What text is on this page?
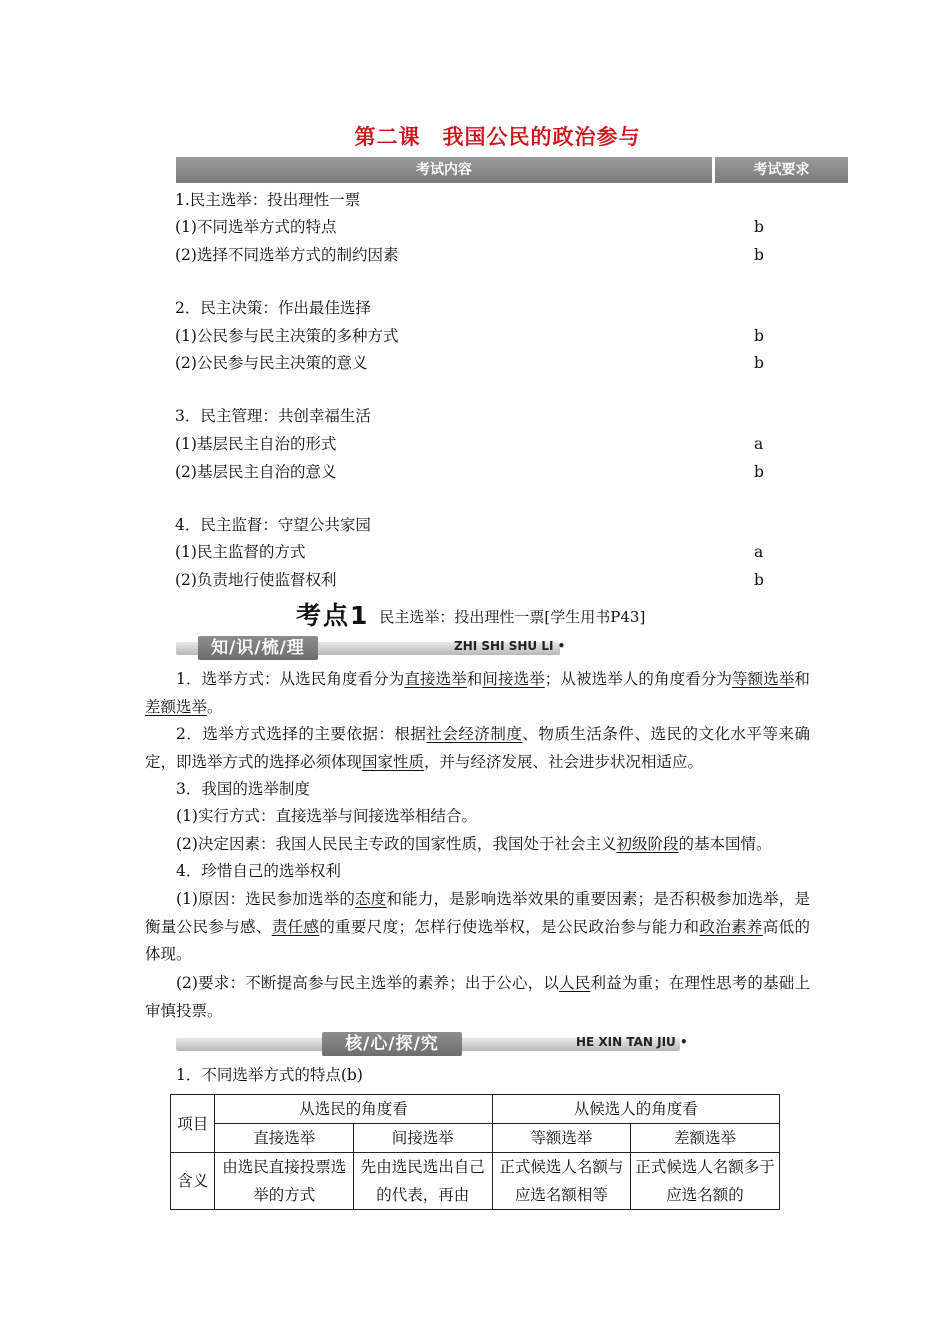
第二课　我国公民的政治参与
考试内容	考试要求
1.民主选举：投出理性一票
(1)不同选举方式的特点	b
(2)选择不同选举方式的制约因素	b
2．民主决策：作出最佳选择
(1)公民参与民主决策的多种方式	b
(2)公民参与民主决策的意义	b
3．民主管理：共创幸福生活
(1)基层民主自治的形式	a
(2)基层民主自治的意义	b
4．民主监督：守望公共家园
(1)民主监督的方式	a
(2)负责地行使监督权利	b
考点1 民主选举：投出理性一票[学生用书P43]
知/识/梳/理	ZHI SHI SHU LI •
1．选举方式：从选民角度看分为直接选举和间接选举；从被选举人的角度看分为等额选举和差额选举。
2．选举方式选择的主要依据：根据社会经济制度、物质生活条件、选民的文化水平等来确定，即选举方式的选择必须体现国家性质，并与经济发展、社会进步状况相适应。
3．我国的选举制度
(1)实行方式：直接选举与间接选举相结合。
(2)决定因素：我国人民民主专政的国家性质，我国处于社会主义初级阶段的基本国情。
4．珍惜自己的选举权利
(1)原因：选民参加选举的态度和能力，是影响选举效果的重要因素；是否积极参加选举，是衡量公民参与感、责任感的重要尺度；怎样行使选举权，是公民政治参与能力和政治素养高低的体现。
(2)要求：不断提高参与民主选举的素养；出于公心，以人民利益为重；在理性思考的基础上审慎投票。
核/心/探/究	HE XIN TAN JIU •
1．不同选举方式的特点(b)
项目	从选民的角度看		从候选人的角度看	
	直接选举	间接选举	等额选举	差额选举
含义	由选民直接投票选举的方式	先由选民选出自己的代表，再由	正式候选人名额与应选名额相等	正式候选人名额多于应选名额的
